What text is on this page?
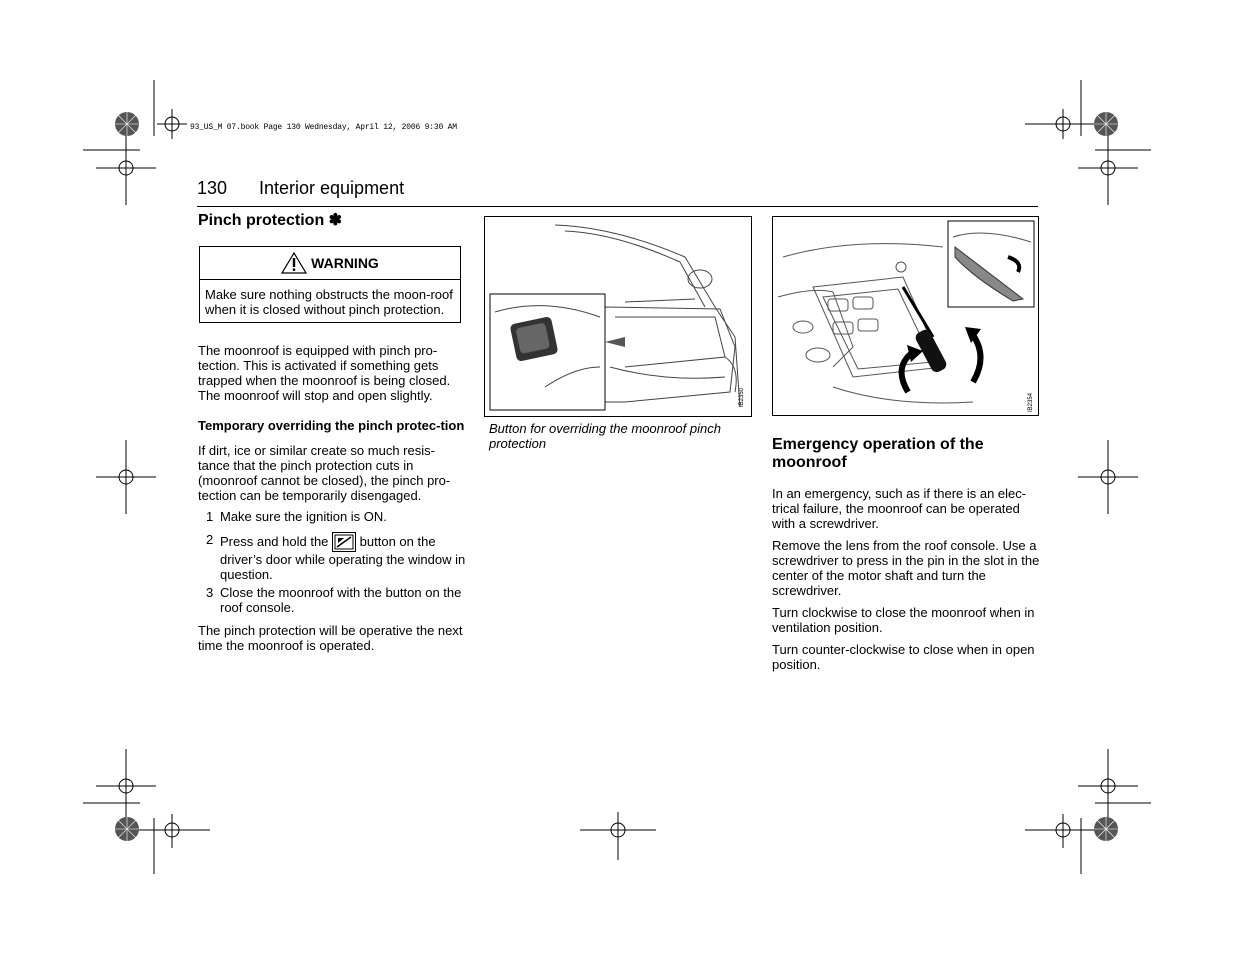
93_US_M 07.book Page 130 Wednesday, April 12, 2006 9:30 AM
130 Interior equipment
Pinch protection ✽
WARNING
Make sure nothing obstructs the moon-roof when it is closed without pinch protection.

The moonroof is equipped with pinch pro-tection. This is activated if something gets trapped when the moonroof is being closed. The moonroof will stop and open slightly.

Temporary overriding the pinch protec-tion

If dirt, ice or similar create so much resis-tance that the pinch protection cuts in (moonroof cannot be closed), the pinch pro-tection can be temporarily disengaged.

1 Make sure the ignition is ON.
2 Press and hold the button on the driver’s door while operating the window in question.
3 Close the moonroof with the button on the roof console.

The pinch protection will be operative the next time the moonroof is operated.

IB2350
Button for overriding the moonroof pinch protection
IB2354
Emergency operation of the moonroof

In an emergency, such as if there is an elec-trical failure, the moonroof can be operated with a screwdriver.

Remove the lens from the roof console. Use a screwdriver to press in the pin in the slot in the center of the motor shaft and turn the screwdriver.

Turn clockwise to close the moonroof when in ventilation position.

Turn counter-clockwise to close when in open position.
